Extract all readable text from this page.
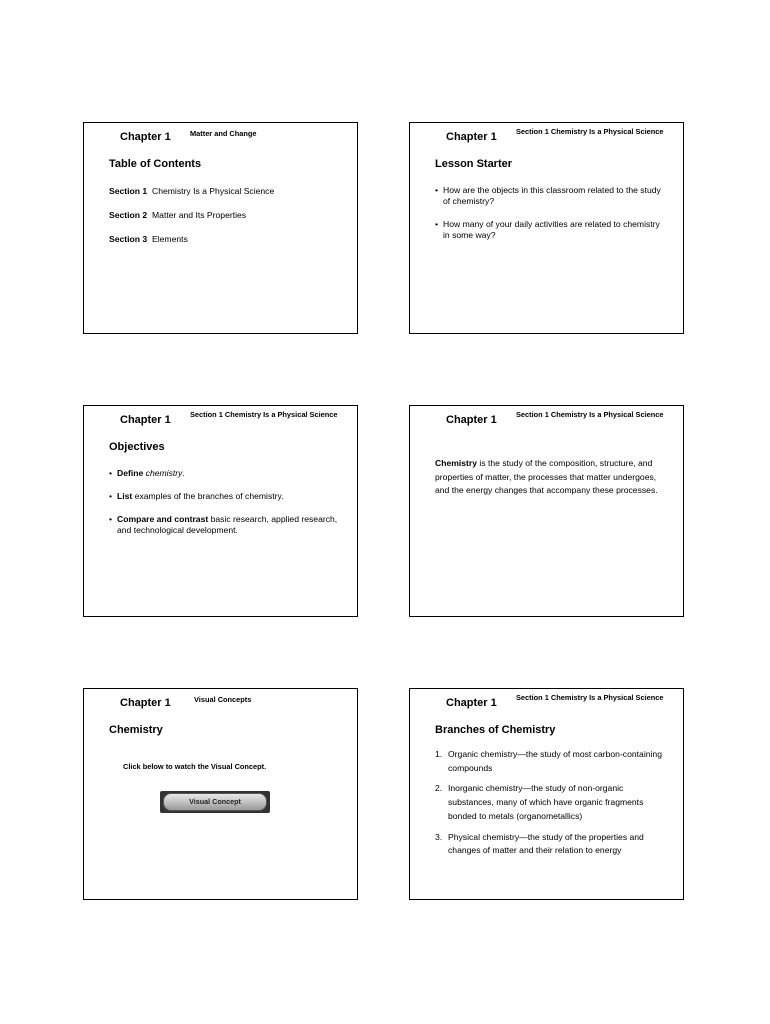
Chapter 1	Matter and Change
Table of Contents
Section 1 Chemistry Is a Physical Science
Section 2 Matter and Its Properties
Section 3 Elements
Chapter 1	Section 1 Chemistry Is a Physical Science
Lesson Starter
• How are the objects in this classroom related to the study of chemistry?
• How many of your daily activities are related to chemistry in some way?
Chapter 1	Section 1 Chemistry Is a Physical Science
Objectives
• Define chemistry.
• List examples of the branches of chemistry.
• Compare and contrast basic research, applied research, and technological development.
Chapter 1	Section 1 Chemistry Is a Physical Science
Chemistry is the study of the composition, structure, and properties of matter, the processes that matter undergoes, and the energy changes that accompany these processes.
Chapter 1	Visual Concepts
Chemistry
Click below to watch the Visual Concept.
Visual Concept
Chapter 1	Section 1 Chemistry Is a Physical Science
Branches of Chemistry
1. Organic chemistry—the study of most carbon-containing compounds
2. Inorganic chemistry—the study of non-organic substances, many of which have organic fragments bonded to metals (organometallics)
3. Physical chemistry—the study of the properties and changes of matter and their relation to energy
